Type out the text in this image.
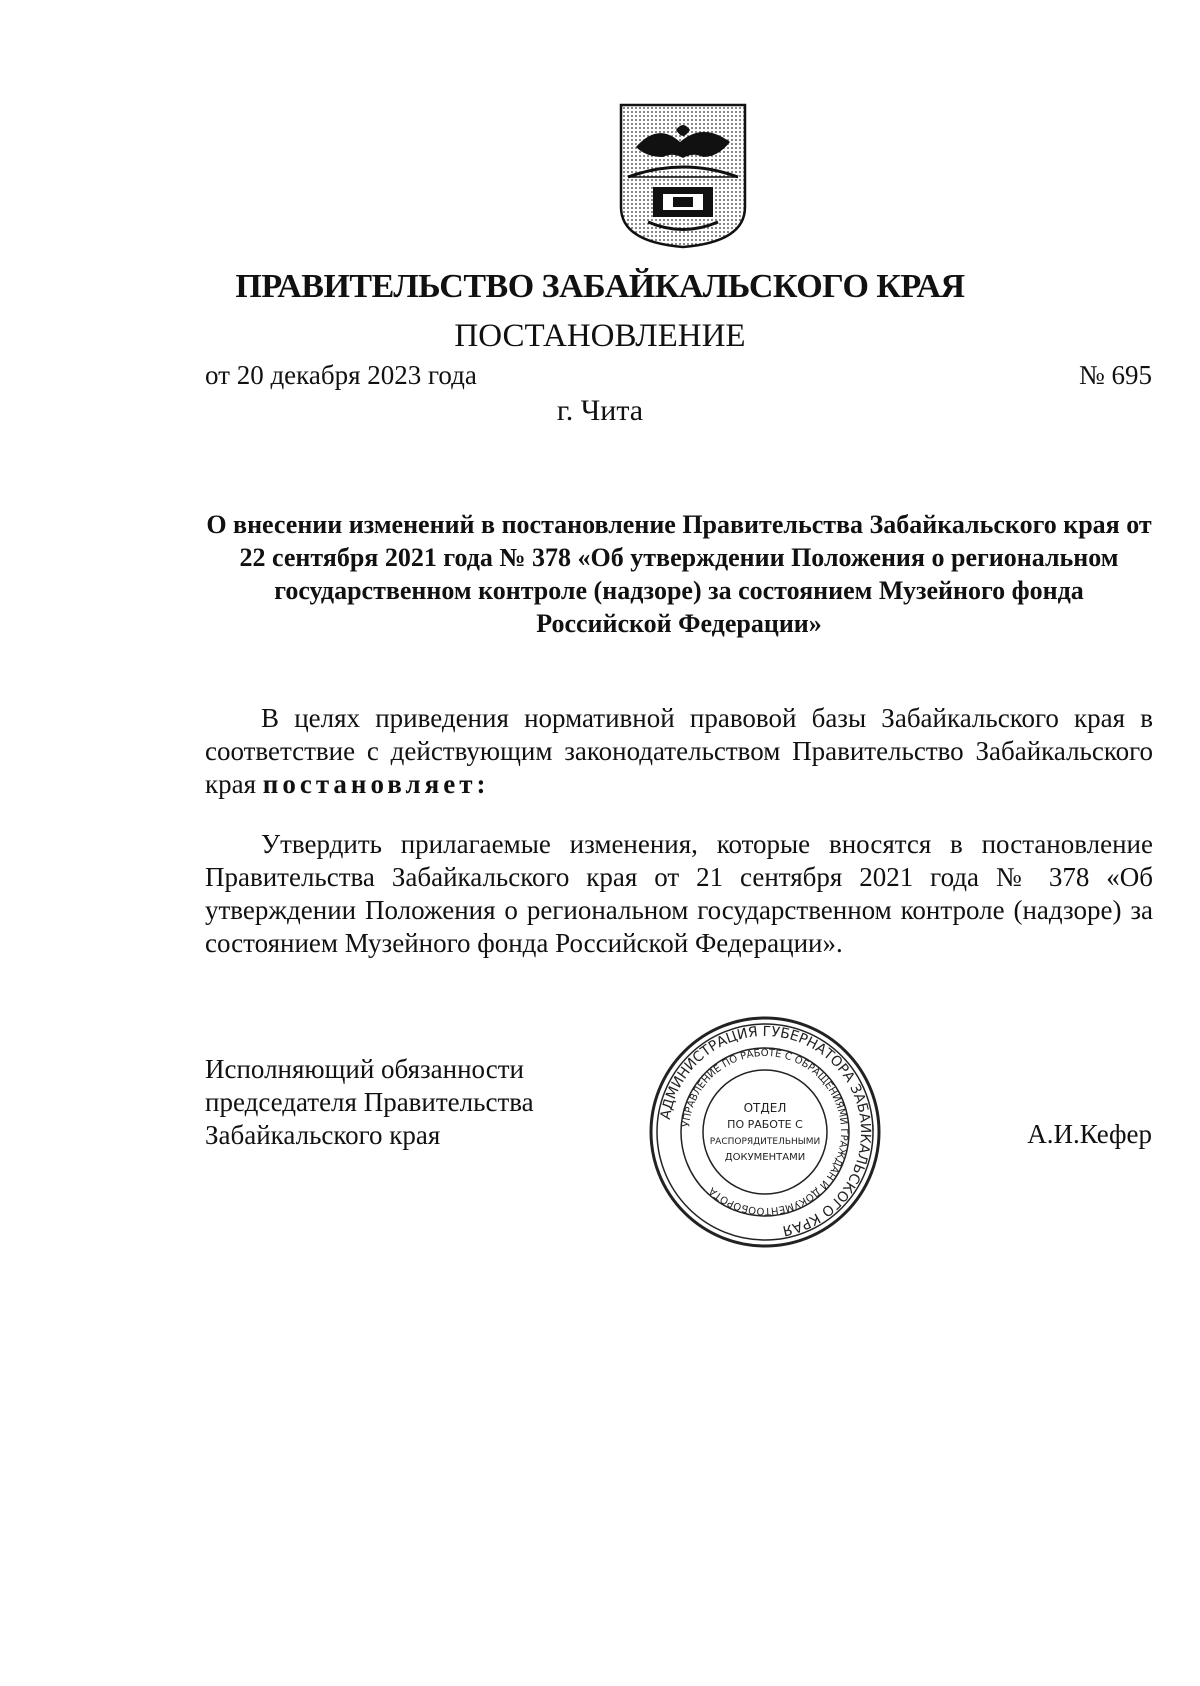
ПРАВИТЕЛЬСТВО ЗАБАЙКАЛЬСКОГО КРАЯ
ПОСТАНОВЛЕНИЕ
от 20 декабря 2023 года	№ 695
г. Чита
О внесении изменений в постановление Правительства Забайкальского края от 22 сентября 2021 года № 378 «Об утверждении Положения о региональном государственном контроле (надзоре) за состоянием Музейного фонда Российской Федерации»
В целях приведения нормативной правовой базы Забайкальского края в соответствие с действующим законодательством Правительство Забайкальского края постановляет:
Утвердить прилагаемые изменения, которые вносятся в постановление Правительства Забайкальского края от 21 сентября 2021 года № 378 «Об утверждении Положения о региональном государственном контроле (надзоре) за состоянием Музейного фонда Российской Федерации».
Исполняющий обязанности
председателя Правительства
Забайкальского края	А.И.Кефер
АДМИНИСТРАЦИЯ ГУБЕРНАТОРА ЗАБАЙКАЛЬСКОГО КРАЯ
УПРАВЛЕНИЕ ПО РАБОТЕ С ОБРАЩЕНИЯМИ ГРАЖДАН И ДОКУМЕНТООБОРОТА
ОТДЕЛ
ПО РАБОТЕ С
РАСПОРЯДИТЕЛЬНЫМИ
ДОКУМЕНТАМИ
